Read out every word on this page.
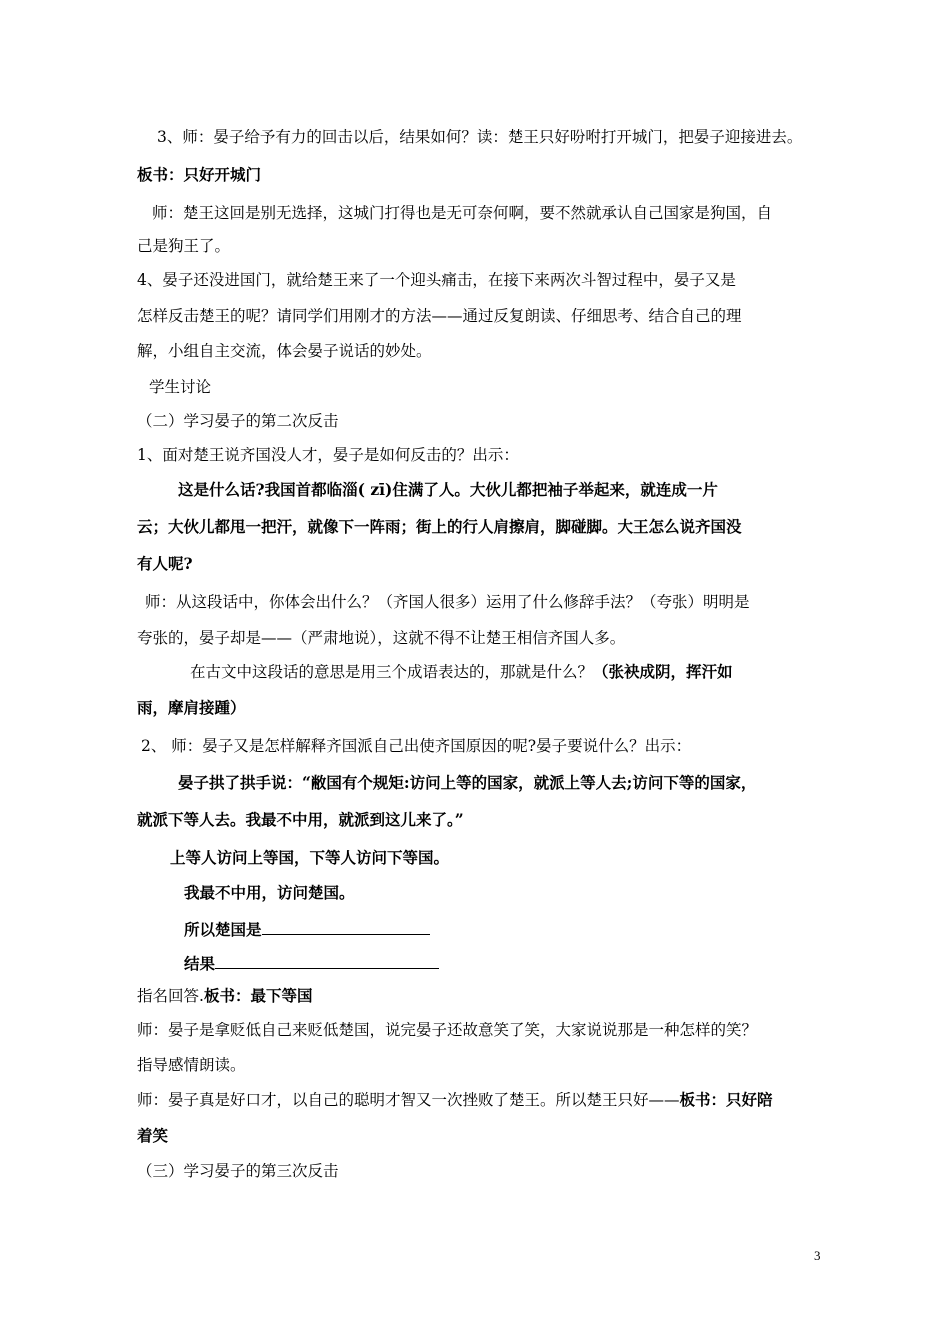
3、师：晏子给予有力的回击以后，结果如何？读：楚王只好吩咐打开城门，把晏子迎接进去。
板书：只好开城门
师：楚王这回是别无选择，这城门打得也是无可奈何啊，要不然就承认自己国家是狗国，自
己是狗王了。
4、晏子还没进国门，就给楚王来了一个迎头痛击，在接下来两次斗智过程中，晏子又是
怎样反击楚王的呢？请同学们用刚才的方法——通过反复朗读、仔细思考、结合自己的理
解，小组自主交流，体会晏子说话的妙处。
学生讨论
（二）学习晏子的第二次反击
1、面对楚王说齐国没人才，晏子是如何反击的？出示：
这是什么话?我国首都临淄( zī)住满了人。大伙儿都把袖子举起来，就连成一片
云；大伙儿都甩一把汗，就像下一阵雨；街上的行人肩擦肩，脚碰脚。大王怎么说齐国没
有人呢?
师：从这段话中，你体会出什么？（齐国人很多）运用了什么修辞手法？（夸张）明明是
夸张的，晏子却是——（严肃地说），这就不得不让楚王相信齐国人多。
在古文中这段话的意思是用三个成语表达的，那就是什么？（张袂成阴，挥汗如
雨，摩肩接踵）
2、 师：晏子又是怎样解释齐国派自己出使齐国原因的呢?晏子要说什么？出示：
晏子拱了拱手说：“敝国有个规矩:访问上等的国家，就派上等人去;访问下等的国家，
就派下等人去。我最不中用，就派到这儿来了。”
上等人访问上等国，下等人访问下等国。
我最不中用，访问楚国。
所以楚国是
结果
指名回答.板书：最下等国
师：晏子是拿贬低自己来贬低楚国，说完晏子还故意笑了笑，大家说说那是一种怎样的笑？
指导感情朗读。
师：晏子真是好口才，以自己的聪明才智又一次挫败了楚王。所以楚王只好——板书：只好陪
着笑
（三）学习晏子的第三次反击
3
